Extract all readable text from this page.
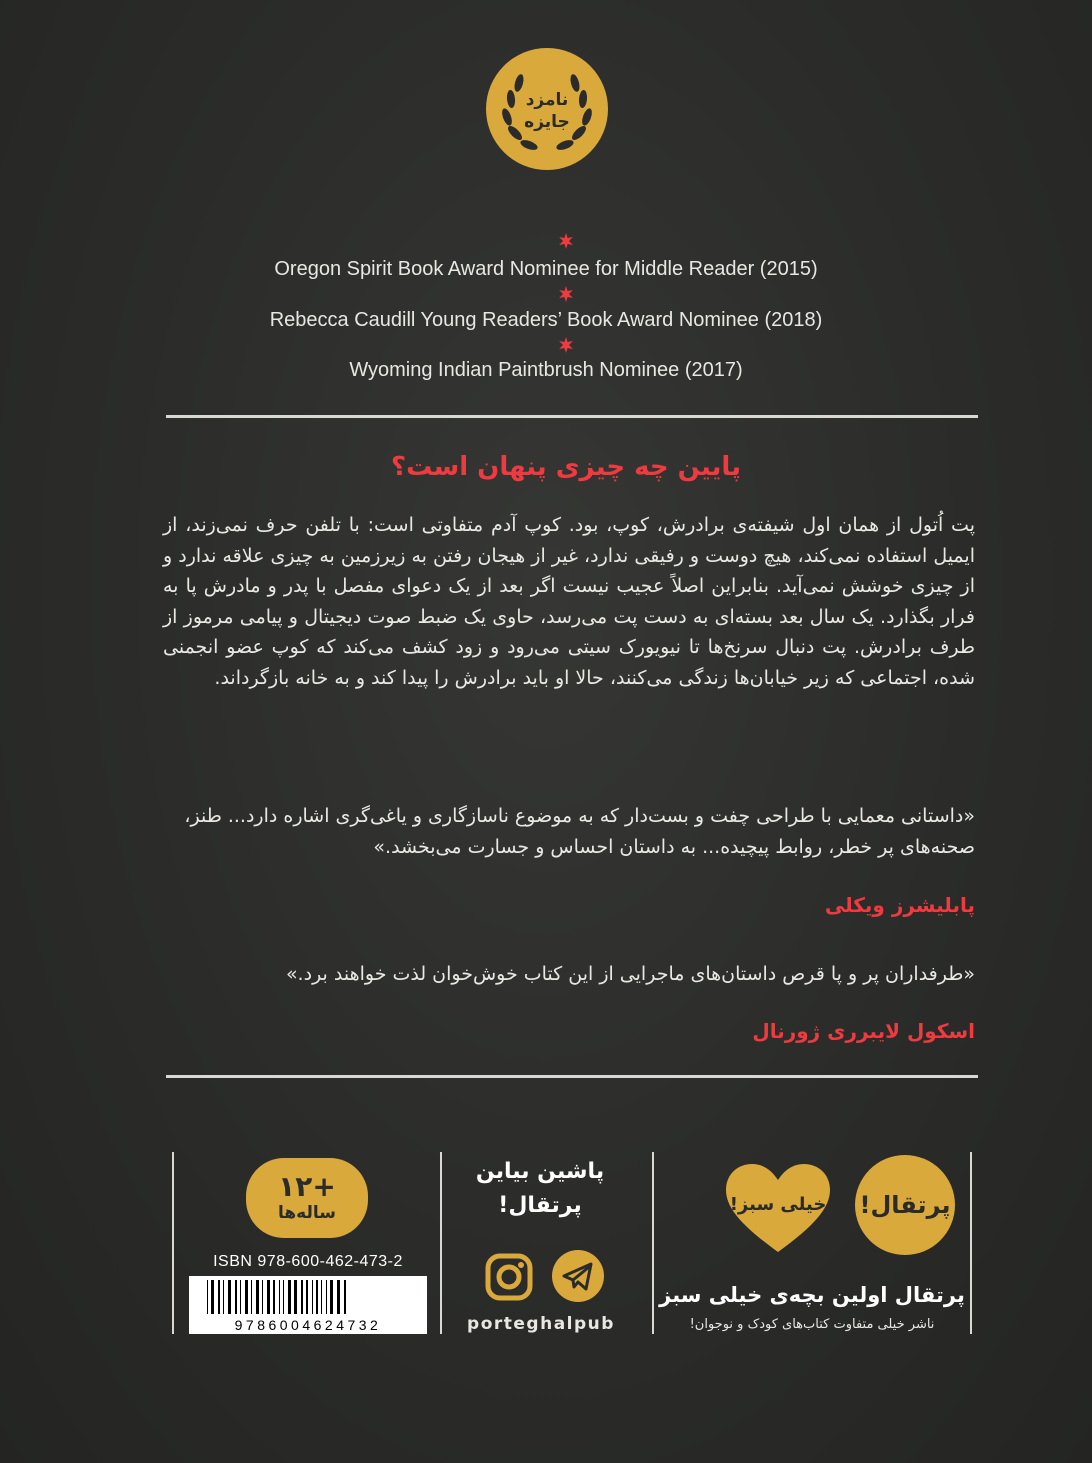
نامزد
جایزه
Oregon Spirit Book Award Nominee for Middle Reader (2015)
Rebecca Caudill Young Readers’ Book Award Nominee (2018)
Wyoming Indian Paintbrush Nominee (2017)
پایین چه چیزی پنهان است؟
پت اُتول از همان اول شیفته‌ی برادرش، کوپ، بود. کوپ آدم متفاوتی است: با تلفن حرف نمی‌زند، از ایمیل استفاده نمی‌کند، هیچ دوست و رفیقی ندارد، غیر از هیجان رفتن به زیرزمین به چیزی علاقه ندارد و از چیزی خوشش نمی‌آید. بنابراین اصلاً عجیب نیست اگر بعد از یک دعوای مفصل با پدر و مادرش پا به فرار بگذارد. یک سال بعد بسته‌ای به دست پت می‌رسد، حاوی یک ضبط صوت دیجیتال و پیامی مرموز از طرف برادرش. پت دنبال سرنخ‌ها تا نیویورک سیتی می‌رود و زود کشف می‌کند که کوپ عضو انجمنی شده، اجتماعی که زیر خیابان‌ها زندگی می‌کنند، حالا او باید برادرش را پیدا کند و به خانه بازگرداند.
«داستانی معمایی با طراحی چفت و بست‌دار که به موضوع ناسازگاری و یاغی‌گری اشاره دارد... طنز، صحنه‌های پر خطر، روابط پیچیده... به داستان احساس و جسارت می‌بخشد.»
پابلیشرز ویکلی
«طرفداران پر و پا قرص داستان‌های ماجرایی از این کتاب خوش‌خوان لذت خواهند برد.»
اسکول لایبرری ژورنال
+۱۲
ساله‌ها
ISBN 978-600-462-473-2
9786004624732
پاشین بیاین
پرتقال!
porteghalpub
پرتقال!
خیلی سبز!
پرتقال اولین بچه‌ی خیلی سبز
ناشر خیلی متفاوت کتاب‌های کودک و نوجوان!
